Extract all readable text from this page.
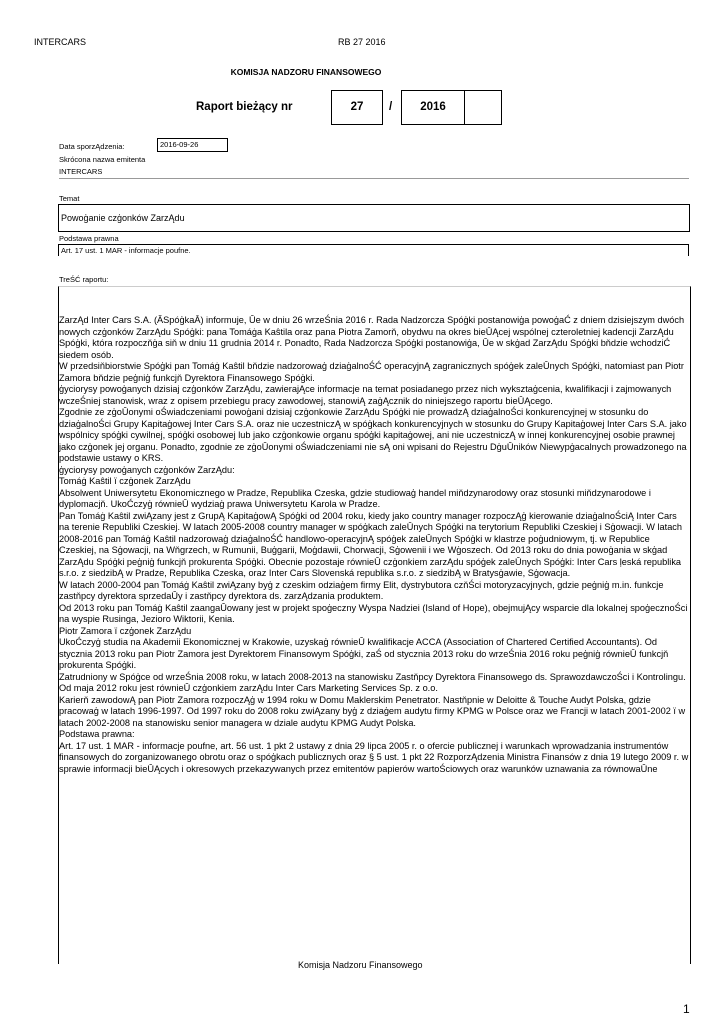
INTERCARS	RB 27 2016
KOMISJA NADZORU FINANSOWEGO
Raport bieżący nr	27	/	2016
Data sporzĄdzenia:	2016-09-26
Skrócona nazwa emitenta
INTERCARS
Temat
Powoģanie czģonków ZarzĄdu
Podstawa prawna
Art. 17 ust. 1 MAR - informacje poufne.
TreŚĆ raportu:

ZarzĄd Inter Cars S.A. (ĂSpóģkaĀ) informuje, Ūe w dniu 26 wrzeŚnia 2016 r. Rada Nadzorcza Spóģki postanowiģa powoģaĆ z dniem dzisiejszym dwóch nowych czģonków ZarzĄdu Spóģki: pana Tomáġa Kaŝtila oraz pana Piotra Zamorň, obydwu na okres bieŪĄcej wspólnej czteroletniej kadencji ZarzĄdu Spóģki, która rozpoczňģa siň w dniu 11 grudnia 2014 r. Ponadto, Rada Nadzorcza Spóģki postanowiģa, Ūe w skģad ZarzĄdu Spóģki bňdzie wchodziĆ siedem osób.

W przedsiňbiorstwie Spóģki pan Tomáġ Kaŝtil bňdzie nadzorowaģ dziaģalnoŚĆ operacyjnĄ zagranicznych spóģek zaleŪnych Spóģki, natomiast pan Piotr Zamora bňdzie peģniģ funkcjň Dyrektora Finansowego Spóģki.

ģyciorysy powoģanych dzisiaj czģonków ZarzĄdu, zawierajĄce informacje na temat posiadanego przez nich wyksztaģcenia, kwalifikacji i zajmowanych wczeŚniej stanowisk, wraz z opisem przebiegu pracy zawodowej, stanowiĄ zaģĄcznik do niniejszego raportu bieŪĄcego.

Zgodnie ze zģoŪonymi oŚwiadczeniami powoģani dzisiaj czģonkowie ZarzĄdu Spóģki nie prowadzĄ dziaģalnoŚci konkurencyjnej w stosunku do dziaģalnoŚci Grupy Kapitaģowej Inter Cars S.A. oraz nie uczestniczĄ w spóģkach konkurencyjnych w stosunku do Grupy Kapitaģowej Inter Cars S.A. jako wspólnicy spóģki cywilnej, spóģki osobowej lub jako czģonkowie organu spóģki kapitaģowej, ani nie uczestniczĄ w innej konkurencyjnej osobie prawnej jako czģonek jej organu. Ponadto, zgodnie ze zģoŪonymi oŚwiadczeniami nie sĄ oni wpisani do Rejestru DģuŪników Niewypģacalnych prowadzonego na podstawie ustawy o KRS.

ģyciorysy powoģanych czģonków ZarzĄdu:

Tomáġ Kaŝtil ї czģonek ZarzĄdu

Absolwent Uniwersytetu Ekonomicznego w Pradze, Republika Czeska, gdzie studiowaģ handel miňdzynarodowy oraz stosunki miňdzynarodowe i dyplomacjň. UkoĆczyģ równieŪ wydziaģ prawa Uniwersytetu Karola w Pradze.

Pan Tomáġ Kaŝtil zwiĄzany jest z GrupĄ KapitaģowĄ Spóģki od 2004 roku, kiedy jako country manager rozpoczĄģ kierowanie dziaģalnoŚciĄ Inter Cars na terenie Republiki Czeskiej. W latach 2005-2008 country manager w spóģkach zaleŪnych Spóģki na terytorium Republiki Czeskiej i Sģowacji. W latach 2008-2016 pan Tomáġ Kaŝtil nadzorowaģ dziaģalnoŚĆ handlowo-operacyjnĄ spóģek zaleŪnych Spóģki w klastrze poģudniowym, tj. w Republice Czeskiej, na Sģowacji, na Wňgrzech, w Rumunii, Buģgarii, Moģdawii, Chorwacji, Sģowenii i we Wģoszech. Od 2013 roku do dnia powoģania w skģad ZarzĄdu Spóģki peģniģ funkcjň prokurenta Spóģki. Obecnie pozostaje równieŪ czģonkiem zarzĄdu spóģek zaleŪnych Spóģki: Inter Cars ļeská republika s.r.o. z siedzibĄ w Pradze, Republika Czeska, oraz Inter Cars Slovenská republika s.r.o. z siedzibĄ w Bratysģawie, Sģowacja.

W latach 2000-2004 pan Tomáġ Kaŝtil zwiĄzany byģ z czeskim odziaģem firmy Elit, dystrybutora czňŚci motoryzacyjnych, gdzie peģniģ m.in. funkcje zastňpcy dyrektora sprzedaŪy i zastňpcy dyrektora ds. zarzĄdzania produktem.

Od 2013 roku pan Tomáġ Kaŝtil zaangaŪowany jest w projekt spoģeczny Wyspa Nadziei (Island of Hope), obejmujĄcy wsparcie dla lokalnej spoģecznoŚci na wyspie Rusinga, Jezioro Wiktorii, Kenia.

Piotr Zamora ї czģonek ZarzĄdu

UkoĆczyģ studia na Akademii Ekonomicznej w Krakowie, uzyskaģ równieŪ kwalifikacje ACCA (Association of Chartered Certified Accountants). Od stycznia 2013 roku pan Piotr Zamora jest Dyrektorem Finansowym Spóģki, zaŚ od stycznia 2013 roku do wrzeŚnia 2016 roku peģniģ równieŪ funkcjň prokurenta Spóģki.

Zatrudniony w Spóģce od wrzeŚnia 2008 roku, w latach 2008-2013 na stanowisku Zastňpcy Dyrektora Finansowego ds. SprawozdawczoŚci i Kontrolingu. Od maja 2012 roku jest równieŪ czģonkiem zarzĄdu Inter Cars Marketing Services Sp. z o.o.

Karierň zawodowĄ pan Piotr Zamora rozpoczĄģ w 1994 roku w Domu Maklerskim Penetrator. Nastňpnie w Deloitte & Touche Audyt Polska, gdzie pracowaģ w latach 1996-1997. Od 1997 roku do 2008 roku zwiĄzany byģ z dziaģem audytu firmy KPMG w Polsce oraz we Francji w latach 2001-2002 ї w latach 2002-2008 na stanowisku senior managera w dziale audytu KPMG Audyt Polska.

Podstawa prawna:

Art. 17 ust. 1 MAR - informacje poufne, art. 56 ust. 1 pkt 2 ustawy z dnia 29 lipca 2005 r. o ofercie publicznej i warunkach wprowadzania instrumentów finansowych do zorganizowanego obrotu oraz o spóģkach publicznych oraz § 5 ust. 1 pkt 22 RozporzĄdzenia Ministra Finansów z dnia 19 lutego 2009 r. w sprawie informacji bieŪĄcych i okresowych przekazywanych przez emitentów papierów wartoŚciowych oraz warunków uznawania za równowaŪne

Komisja Nadzoru Finansowego
1
